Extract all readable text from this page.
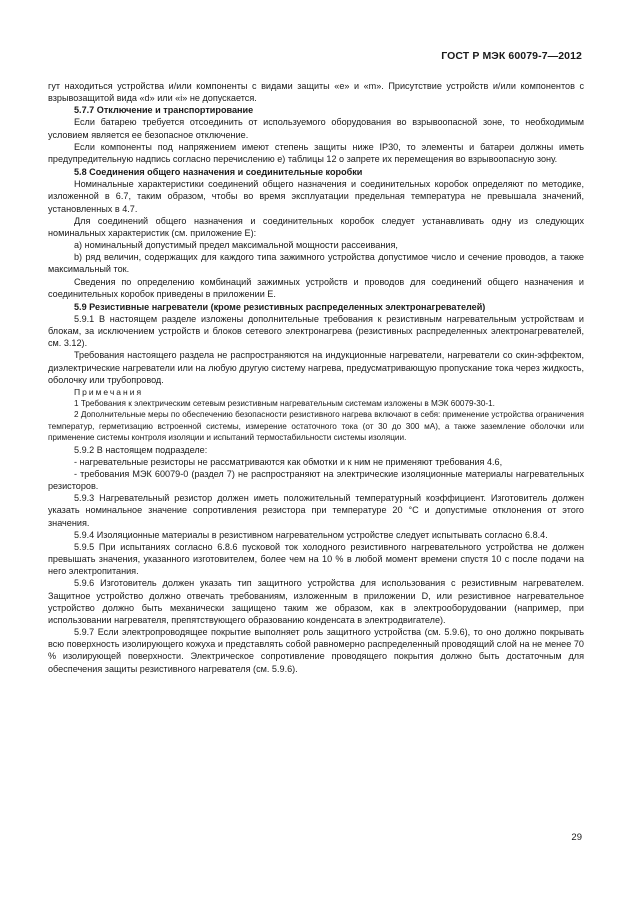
ГОСТ Р МЭК 60079-7—2012

гут находиться устройства и/или компоненты с видами защиты «е» и «m». Присутствие устройств и/или компонентов с взрывозащитой вида «d» или «i» не допускается.

5.7.7 Отключение и транспортирование

Если батарею требуется отсоединить от используемого оборудования во взрывоопасной зоне, то необходимым условием является ее безопасное отключение.

Если компоненты под напряжением имеют степень защиты ниже IP30, то элементы и батареи должны иметь предупредительную надпись согласно перечислению е) таблицы 12 о запрете их перемещения во взрывоопасную зону.

5.8 Соединения общего назначения и соединительные коробки

Номинальные характеристики соединений общего назначения и соединительных коробок определяют по методике, изложенной в 6.7, таким образом, чтобы во время эксплуатации предельная температура не превышала значений, установленных в 4.7.

Для соединений общего назначения и соединительных коробок следует устанавливать одну из следующих номинальных характеристик (см. приложение Е):

a) номинальный допустимый предел максимальной мощности рассеивания,

b) ряд величин, содержащих для каждого типа зажимного устройства допустимое число и сечение проводов, а также максимальный ток.

Сведения по определению комбинаций зажимных устройств и проводов для соединений общего назначения и соединительных коробок приведены в приложении Е.

5.9 Резистивные нагреватели (кроме резистивных распределенных электронагревателей)

5.9.1 В настоящем разделе изложены дополнительные требования к резистивным нагревательным устройствам и блокам, за исключением устройств и блоков сетевого электронагрева (резистивных распределенных электронагревателей, см. 3.12).

Требования настоящего раздела не распространяются на индукционные нагреватели, нагреватели со скин-эффектом, диэлектрические нагреватели или на любую другую систему нагрева, предусматривающую пропускание тока через жидкость, оболочку или трубопровод.

Примечания

1 Требования к электрическим сетевым резистивным нагревательным системам изложены в МЭК 60079-30-1.

2 Дополнительные меры по обеспечению безопасности резистивного нагрева включают в себя: применение устройства ограничения температур, герметизацию встроенной системы, измерение остаточного тока (от 30 до 300 мА), а также заземление оболочки или применение системы контроля изоляции и испытаний термостабильности системы изоляции.

5.9.2 В настоящем подразделе:

- нагревательные резисторы не рассматриваются как обмотки и к ним не применяют требования 4.6,

- требования МЭК 60079-0 (раздел 7) не распространяют на электрические изоляционные материалы нагревательных резисторов.

5.9.3 Нагревательный резистор должен иметь положительный температурный коэффициент. Изготовитель должен указать номинальное значение сопротивления резистора при температуре 20 °C и допустимые отклонения от этого значения.

5.9.4 Изоляционные материалы в резистивном нагревательном устройстве следует испытывать согласно 6.8.4.

5.9.5 При испытаниях согласно 6.8.6 пусковой ток холодного резистивного нагревательного устройства не должен превышать значения, указанного изготовителем, более чем на 10 % в любой момент времени спустя 10 с после подачи на него электропитания.

5.9.6 Изготовитель должен указать тип защитного устройства для использования с резистивным нагревателем. Защитное устройство должно отвечать требованиям, изложенным в приложении D, или резистивное нагревательное устройство должно быть механически защищено таким же образом, как в электрооборудовании (например, при использовании нагревателя, препятствующего образованию конденсата в электродвигателе).

5.9.7 Если электропроводящее покрытие выполняет роль защитного устройства (см. 5.9.6), то оно должно покрывать всю поверхность изолирующего кожуха и представлять собой равномерно распределенный проводящий слой на не менее 70 % изолирующей поверхности. Электрическое сопротивление проводящего покрытия должно быть достаточным для обеспечения защиты резистивного нагревателя (см. 5.9.6).

29
